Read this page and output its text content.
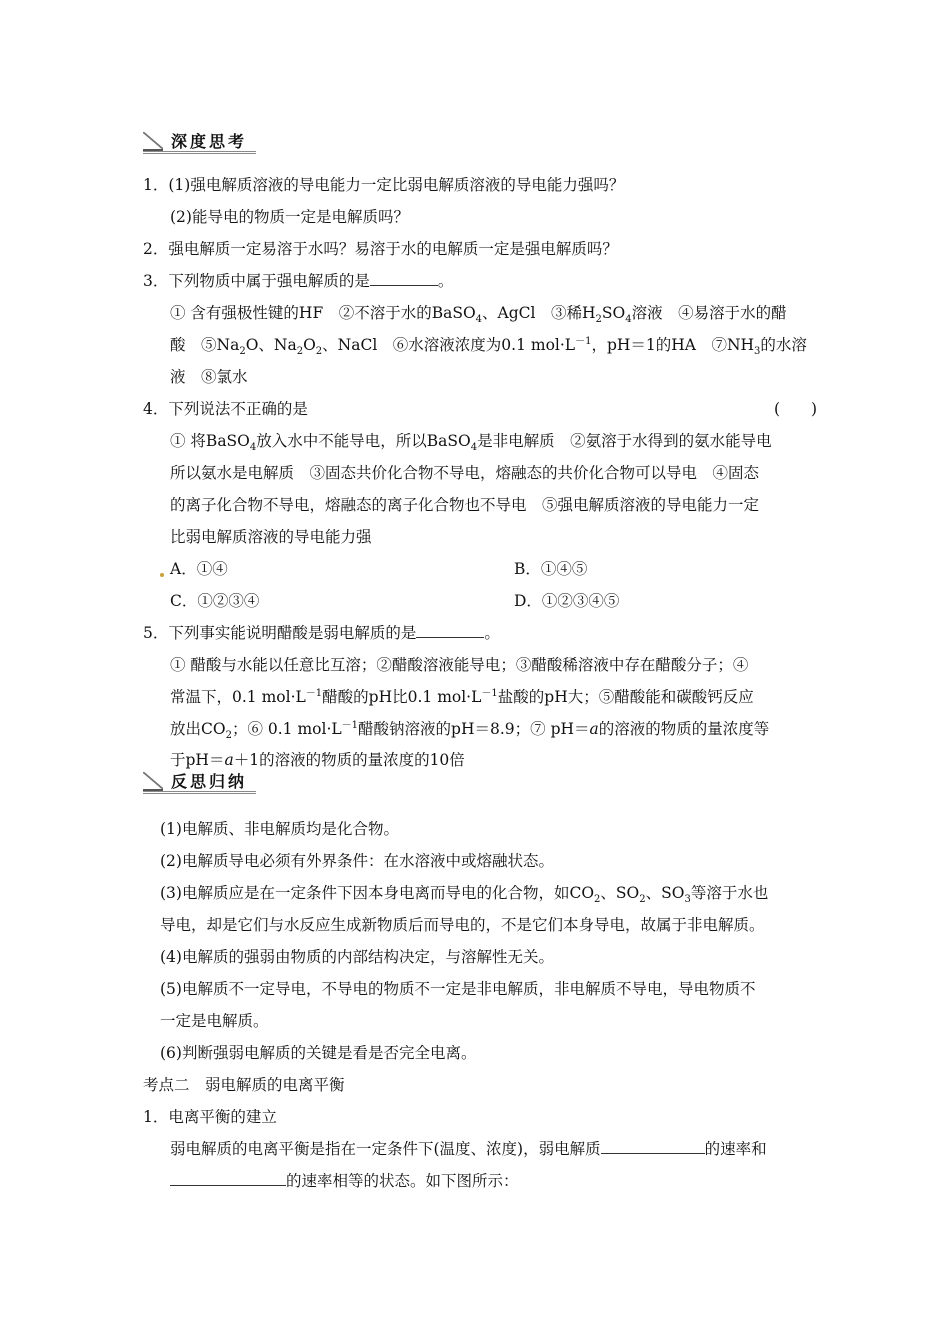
深度思考
1．(1)强电解质溶液的导电能力一定比弱电解质溶液的导电能力强吗？
(2)能导电的物质一定是电解质吗？
2．强电解质一定易溶于水吗？易溶于水的电解质一定是强电解质吗？
3．下列物质中属于强电解质的是	。
① 含有强极性键的HF　②不溶于水的BaSO$_4$、AgCl　③稀$H_2SO_4$溶液　④易溶于水的醋
酸　$⑤Na_2O$、$Na_2O_2$、NaCl　⑥水溶液浓度为0.1 $mol\cdot L^{-1}$，pH＝1的HA　$⑦NH_3$的水溶
液　⑧氯水
4．下列说法不正确的是	(　　)
① 将BaSO$_4$放入水中不能导电，所以BaSO$_4$是非电解质　②氨溶于水得到的氨水能导电
所以氨水是电解质　③固态共价化合物不导电，熔融态的共价化合物可以导电　④固态
的离子化合物不导电，熔融态的离子化合物也不导电　⑤强电解质溶液的导电能力一定
比弱电解质溶液的导电能力强
A．①④	B．①④⑤
C．①②③④	D．①②③④⑤
5．下列事实能说明醋酸是弱电解质的是	。
① 醋酸与水能以任意比互溶；②醋酸溶液能导电；③醋酸稀溶液中存在醋酸分子；④
常温下，0.1 $mol\cdot L^{-1}$醋酸的pH比0.1 $mol\cdot L^{-1}$盐酸的pH大；⑤醋酸能和碳酸钙反应
放出$CO_2$；⑥ 0.1 $mol\cdot L^{-1}$醋酸钠溶液的pH＝8.9；⑦ pH＝a的溶液的物质的量浓度等
于pH＝a＋1的溶液的物质的量浓度的10倍
反思归纳
(1)电解质、非电解质均是化合物。
(2)电解质导电必须有外界条件：在水溶液中或熔融状态。
(3)电解质应是在一定条件下因本身电离而导电的化合物，如$CO_2$、$SO_2$、$SO_3$等溶于水也
导电，却是它们与水反应生成新物质后而导电的，不是它们本身导电，故属于非电解质。
(4)电解质的强弱由物质的内部结构决定，与溶解性无关。
(5)电解质不一定导电，不导电的物质不一定是非电解质，非电解质不导电，导电物质不
一定是电解质。
(6)判断强弱电解质的关键是看是否完全电离。
考点二　弱电解质的电离平衡
1．电离平衡的建立
弱电解质的电离平衡是指在一定条件下(温度、浓度)，弱电解质	的速率和
的速率相等的状态。如下图所示：
